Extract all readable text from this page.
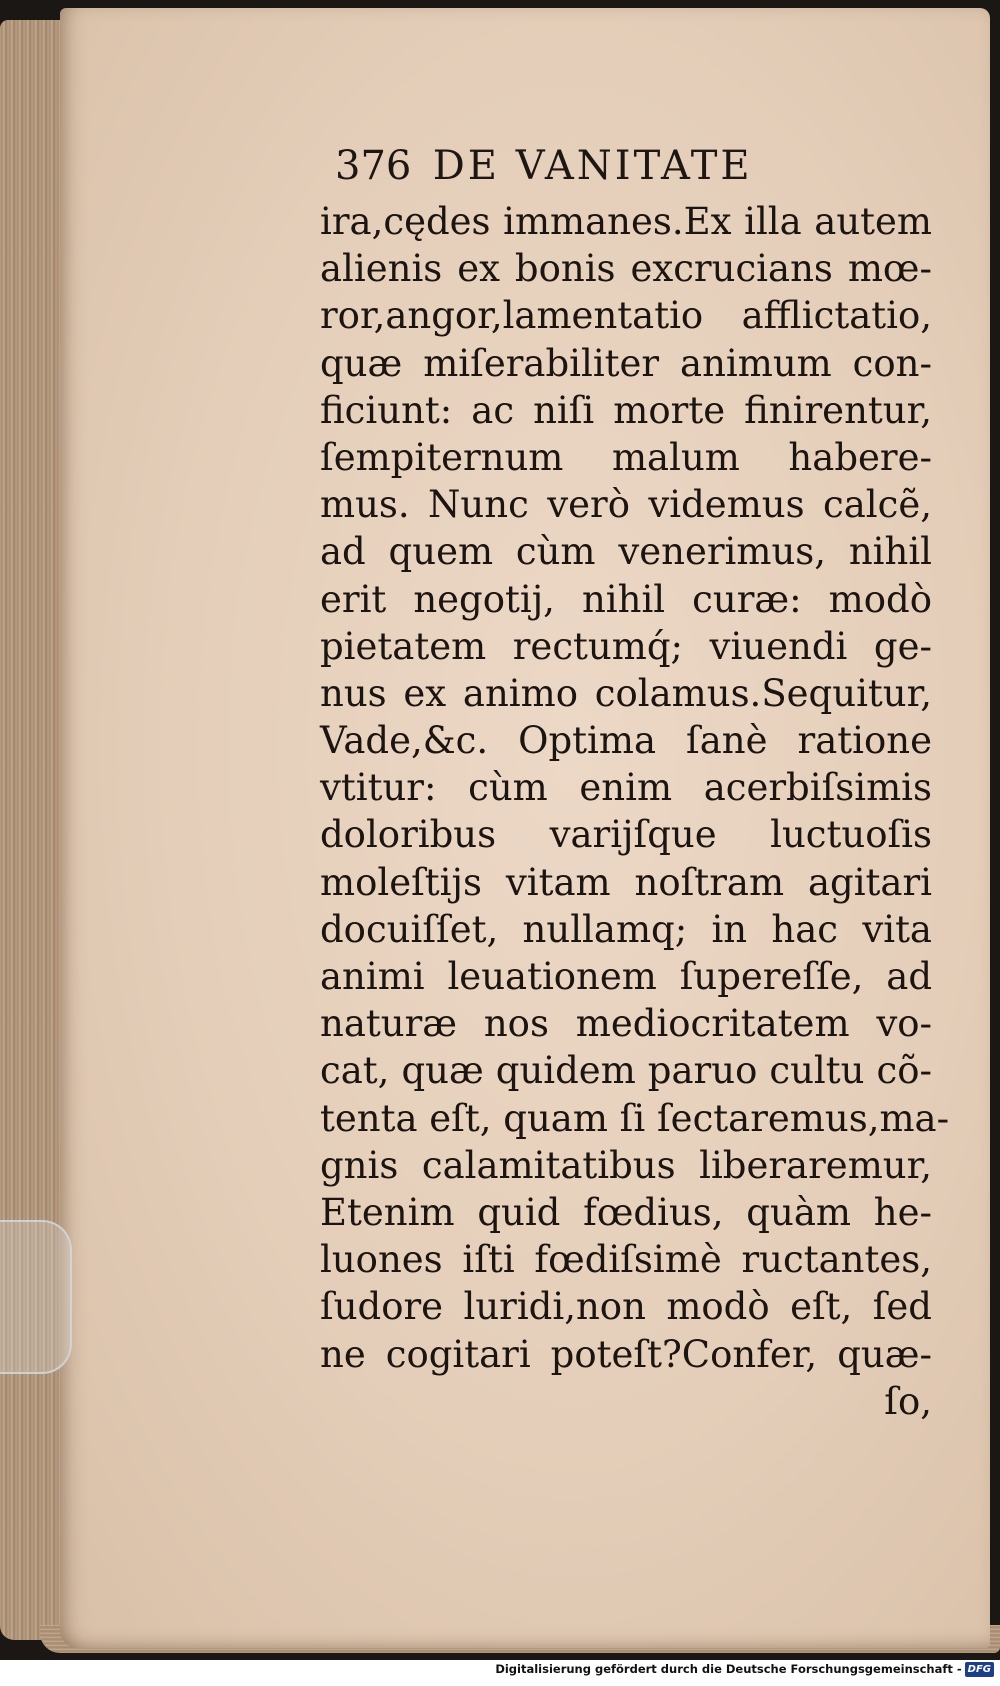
376 DE VANITATE
ira,cędes immanes.Ex illa autem
alienis ex bonis excrucians mœ-
ror,angor,lamentatio afflictatio,
quæ miſerabiliter animum con-
ficiunt: ac niſi morte finirentur,
ſempiternum malum habere-
mus. Nunc verò videmus calcẽ,
ad quem cùm venerimus, nihil
erit negotij, nihil curæ: modò
pietatem rectumq́; viuendi ge-
nus ex animo colamus.Sequitur,
Vade,&c. Optima ſanè ratione
vtitur: cùm enim acerbiſsimis
doloribus varijſque luctuoſis
moleſtijs vitam noſtram agitari
docuiſſet, nullamq; in hac vita
animi leuationem ſupereſſe, ad
naturæ nos mediocritatem vo-
cat, quæ quidem paruo cultu cõ-
tenta eſt, quam ſi ſectaremus,ma-
gnis calamitatibus liberaremur,
Etenim quid fœdius, quàm he-
luones iſti fœdiſsimè ructantes,
ſudore luridi,non modò eſt, ſed
ne cogitari poteſt?Confer, quæ-
ſo,
Digitalisierung gefördert durch die Deutsche Forschungsgemeinschaft - DFG
